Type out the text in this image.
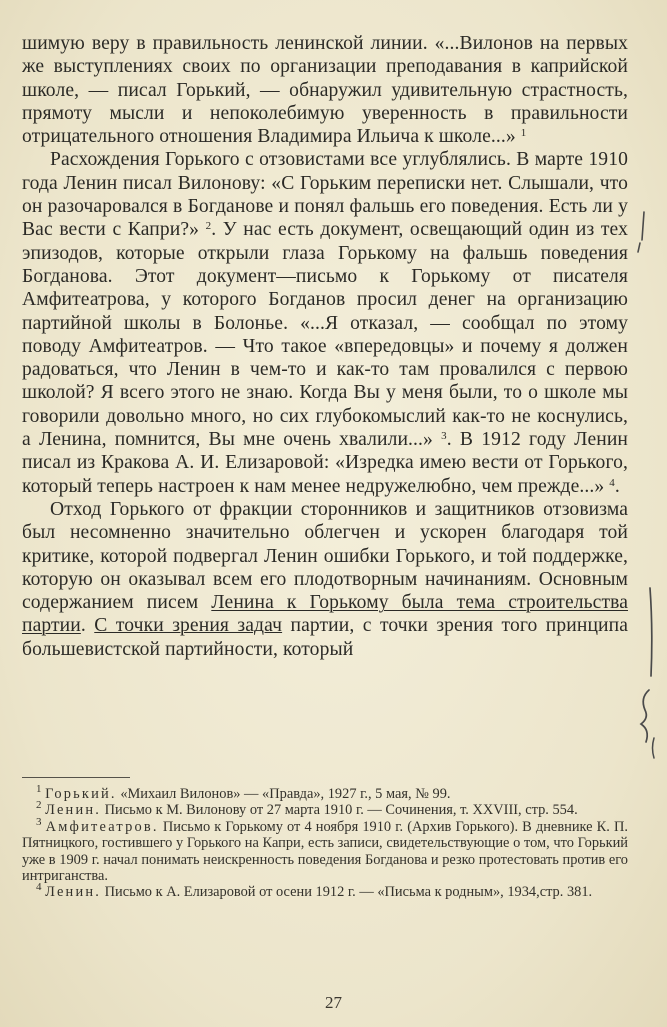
шимую веру в правильность ленинской линии. «...Вилонов на первых же выступлениях своих по организации преподавания в каприйской школе, — писал Горький, — обнаружил удивительную страстность, прямоту мысли и непоколебимую уверенность в правильности отрицательного отношения Владимира Ильича к школе...» $^1$

Расхождения Горького с отзовистами все углублялись. В марте 1910 года Ленин писал Вилонову: «С Горьким переписки нет. Слышали, что он разочаровался в Богданове и понял фальшь его поведения. Есть ли у Вас вести с Капри?» $^2$. У нас есть документ, освещающий один из тех эпизодов, которые открыли глаза Горькому на фальшь поведения Богданова. Этот документ—письмо к Горькому от писателя Амфитеатрова, у которого Богданов просил денег на организацию партийной школы в Болонье. «...Я отказал, — сообщал по этому поводу Амфитеатров. — Что такое «впередовцы» и почему я должен радоваться, что Ленин в чем-то и как-то там провалился с первою школой? Я всего этого не знаю. Когда Вы у меня были, то о школе мы говорили довольно много, но сих глубокомыслий как-то не коснулись, а Ленина, помнится, Вы мне очень хвалили...» $^3$. В 1912 году Ленин писал из Кракова А. И. Елизаровой: «Изредка имею вести от Горького, который теперь настроен к нам менее недружелюбно, чем прежде...» $^4$.

Отход Горького от фракции сторонников и защитников отзовизма был несомненно значительно облегчен и ускорен благодаря той критике, которой подвергал Ленин ошибки Горького, и той поддержке, которую он оказывал всем его плодотворным начинаниям. Основным содержанием писем Ленина к Горькому была тема строительства партии. С точки зрения задач партии, с точки зрения того принципа большевистской партийности, который

$^1$ Горький. «Михаил Вилонов» — «Правда», 1927 г., 5 мая, № 99.

$^2$ Ленин. Письмо к М. Вилонову от 27 марта 1910 г. — Сочинения, т. XXVIII, стр. 554.

$^3$ Амфитеатров. Письмо к Горькому от 4 ноября 1910 г. (Архив Горького). В дневнике К. П. Пятницкого, гостившего у Горького на Капри, есть записи, свидетельствующие о том, что Горький уже в 1909 г. начал понимать неискренность поведения Богданова и резко протестовать против его интриганства.

$^4$ Ленин. Письмо к А. Елизаровой от осени 1912 г. — «Письма к родным», 1934,стр. 381.

27
